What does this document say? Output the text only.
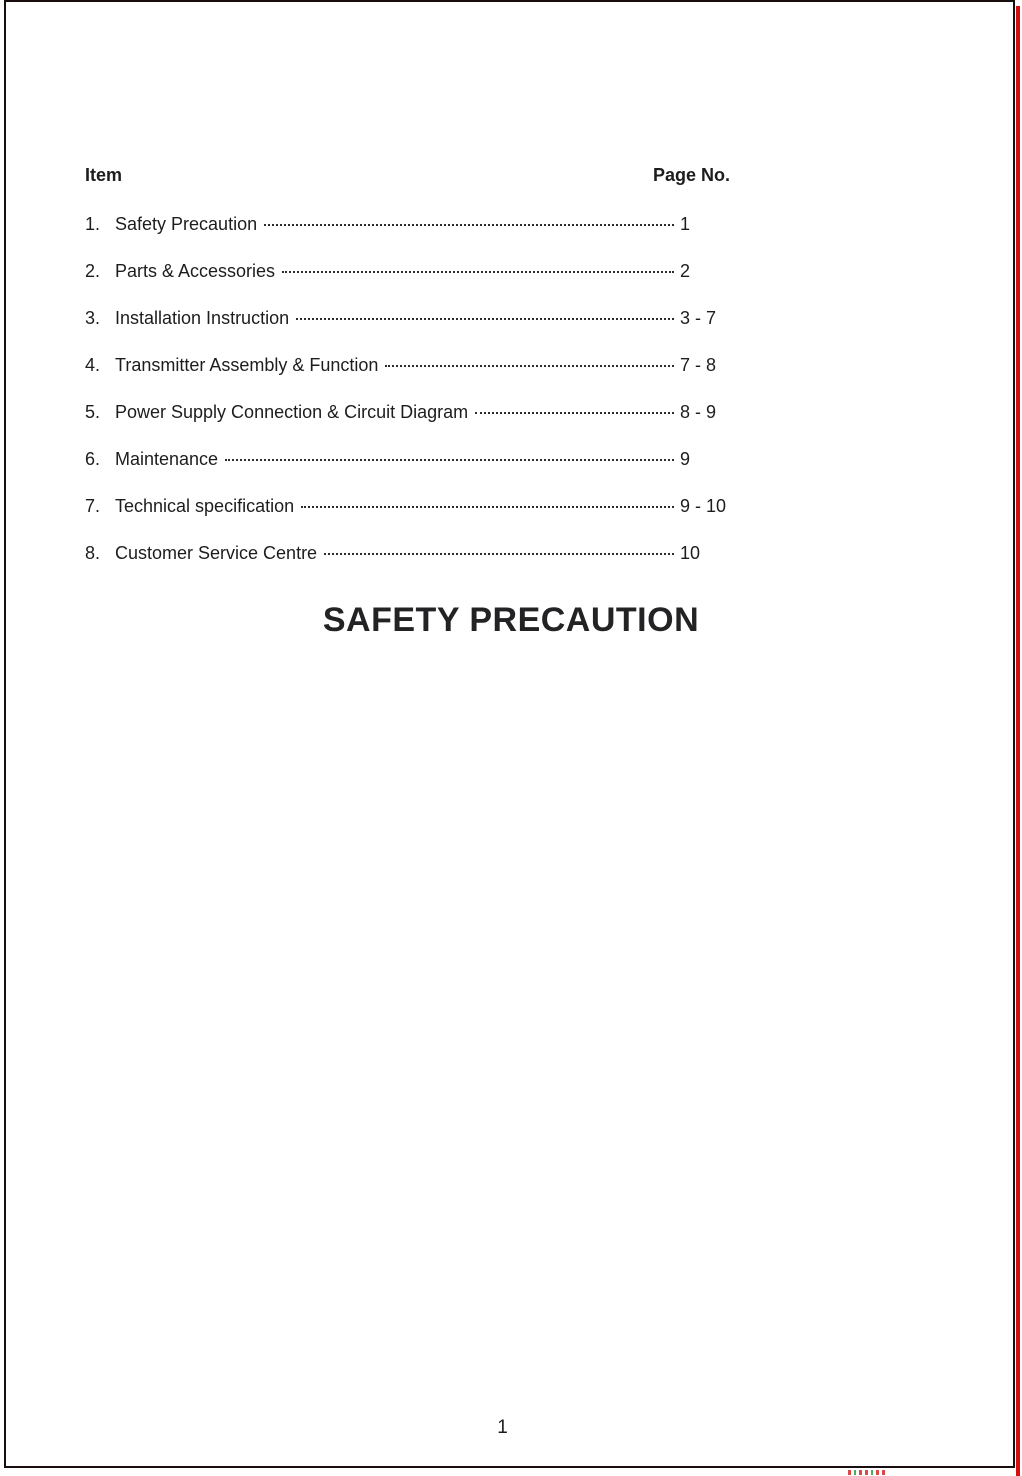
Item	Page No.
1. Safety Precaution	1
2. Parts & Accessories	2
3. Installation Instruction	3 - 7
4. Transmitter Assembly & Function	7 - 8
5. Power Supply Connection & Circuit Diagram	8 - 9
6. Maintenance	9
7. Technical specification	9 - 10
8. Customer Service Centre	10
SAFETY PRECAUTION
1
